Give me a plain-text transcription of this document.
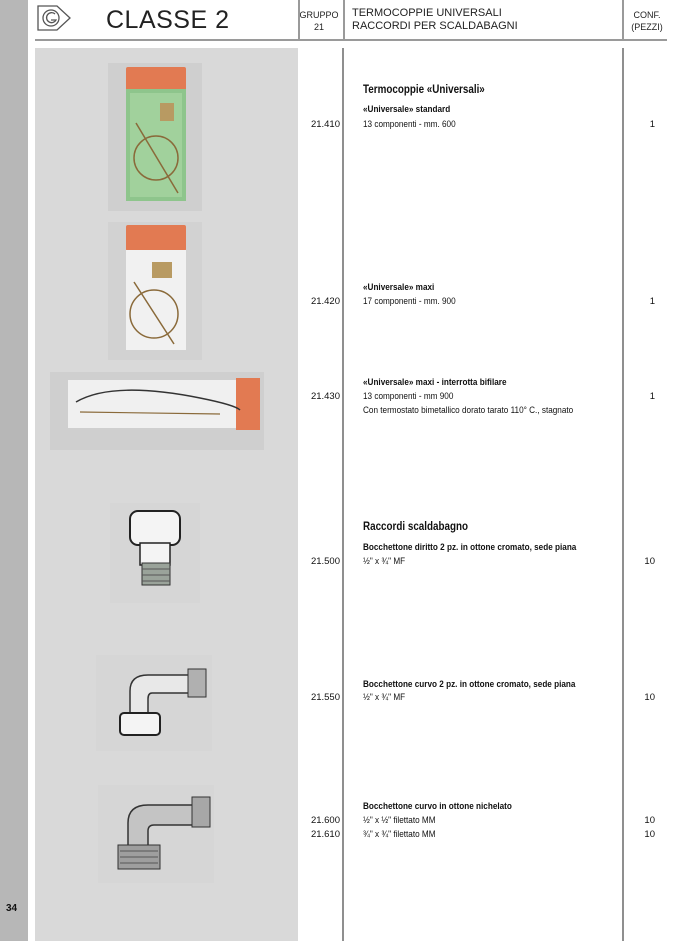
34
CLASSE 2	GRUPPO
21
TERMOCOPPIE UNIVERSALI
RACCORDI PER SCALDABAGNI
CONF.
(PEZZI)
Termocoppie «Universali»
«Universale» standard
21.410 13 componenti - mm. 600	1
«Universale» maxi
21.420 17 componenti - mm. 900	1
«Universale» maxi - interrotta bifilare
21.430 13 componenti - mm 900	1
Con termostato bimetallico dorato tarato 110° C., stagnato
Raccordi scaldabagno
Bocchettone diritto 2 pz. in ottone cromato, sede piana
21.500 ½" x ¾" MF	10
Bocchettone curvo 2 pz. in ottone cromato, sede piana
21.550 ½" x ¾" MF	10
Bocchettone curvo in ottone nichelato
21.600 ½" x ½" filettato MM	10
21.610 ¾" x ¾" filettato MM	10
